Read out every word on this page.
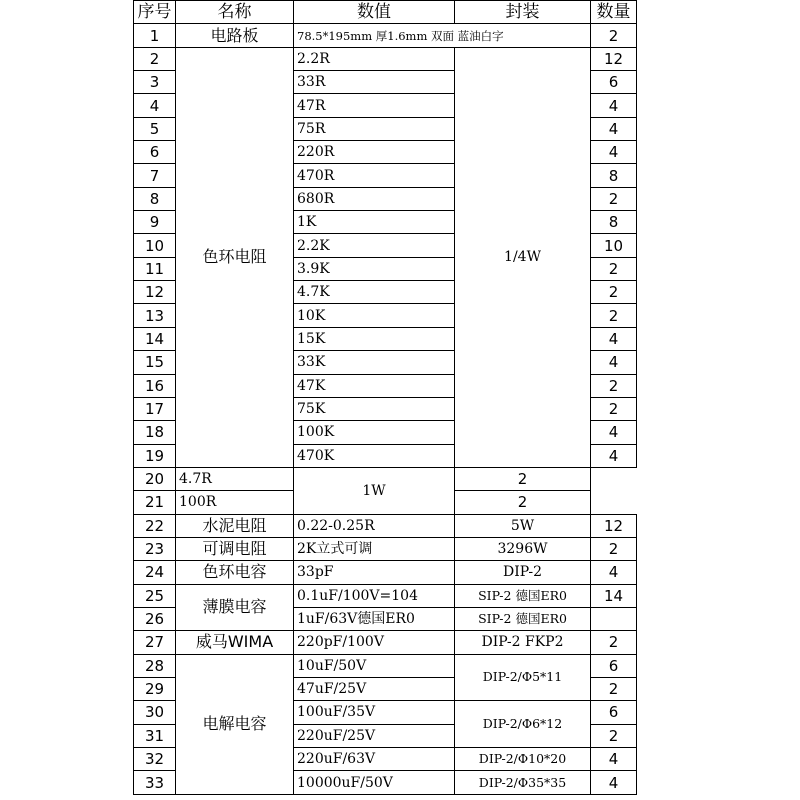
序号	名称	数值	封装	数量
1	电路板	78.5*195mm 厚1.6mm 双面 蓝油白字		2
2	色环电阻	2.2R	1/4W	12
3		33R		6
4		47R		4
5		75R		4
6		220R		4
7		470R		8
8		680R		2
9		1K		8
10		2.2K		10
11		3.9K		2
12		4.7K		2
13		10K		2
14		15K		4
15		33K		4
16		47K		2
17		75K		2
18		100K		4
19		470K		4
20	4.7R	1W	2	
21	100R		2	
22	水泥电阻	0.22-0.25R	5W	12
23	可调电阻	2K立式可调	3296W	2
24	色环电容	33pF	DIP-2	4
25	薄膜电容	0.1uF/100V=104	SIP-2 德国ER0	14
26		1uF/63V德国ER0	SIP-2 德国ER0	
27	威马WIMA	220pF/100V	DIP-2 FKP2	2
28	电解电容	10uF/50V	DIP-2/Φ5*11	6
29		47uF/25V		2
30		100uF/35V	DIP-2/Φ6*12	6
31		220uF/25V		2
32		220uF/63V	DIP-2/Φ10*20	4
33		10000uF/50V	DIP-2/Φ35*35	4
